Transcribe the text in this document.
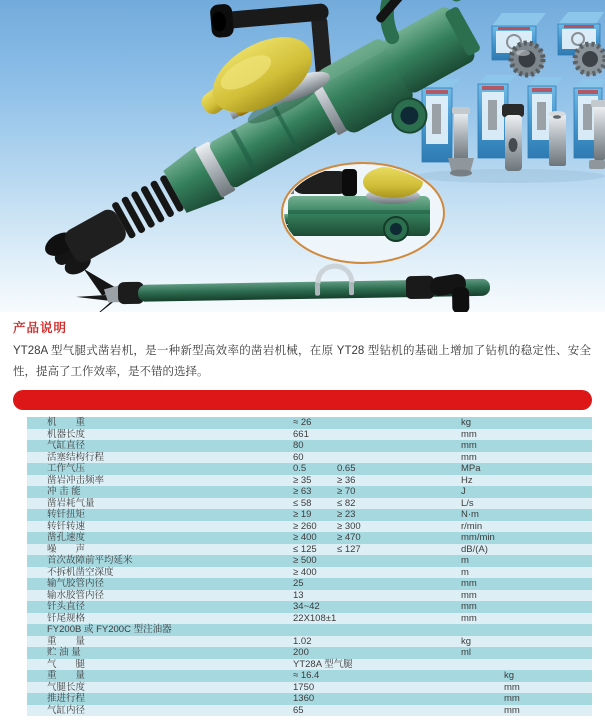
产品说明

YT28A 型气腿式凿岩机，是一种新型高效率的凿岩机械，在原 YT28 型钻机的基础上增加了钻机的稳定性、安全性，提高了工作效率，是不错的选择。

机　　重	≈ 26	kg
机器长度	661	mm
气缸直径	80	mm
活塞结构行程	60	mm
工作气压	0.5	0.65	MPa
凿岩冲击频率	≥ 35	≥ 36	Hz
冲 击 能	≥ 63	≥ 70	J
凿岩耗气量	≤ 58	≤ 82	L/s
转钎扭矩	≥ 19	≥ 23	N·m
转钎转速	≥ 260 ≥ 300	r/min
凿孔速度	≥ 400 ≥ 470	mm/min
噪　　声	≤ 125 ≤ 127	dB/(A)
首次故障前平均延米	≥ 500	m
不拆机凿空深度	≥ 400	m
输气胶管内径	25	mm
输水胶管内径	13	mm
钎头直径	34~42	mm
钎尾规格	22X108±1	mm
FY200B 或 FY200C 型注油器
重　　量	1.02	kg
贮 油 量	200	ml
气　　腿	YT28A 型气腿
重　　量	≈ 16.4	kg
气腿长度	1750	mm
推进行程	1360	mm
气缸内径	65	mm
